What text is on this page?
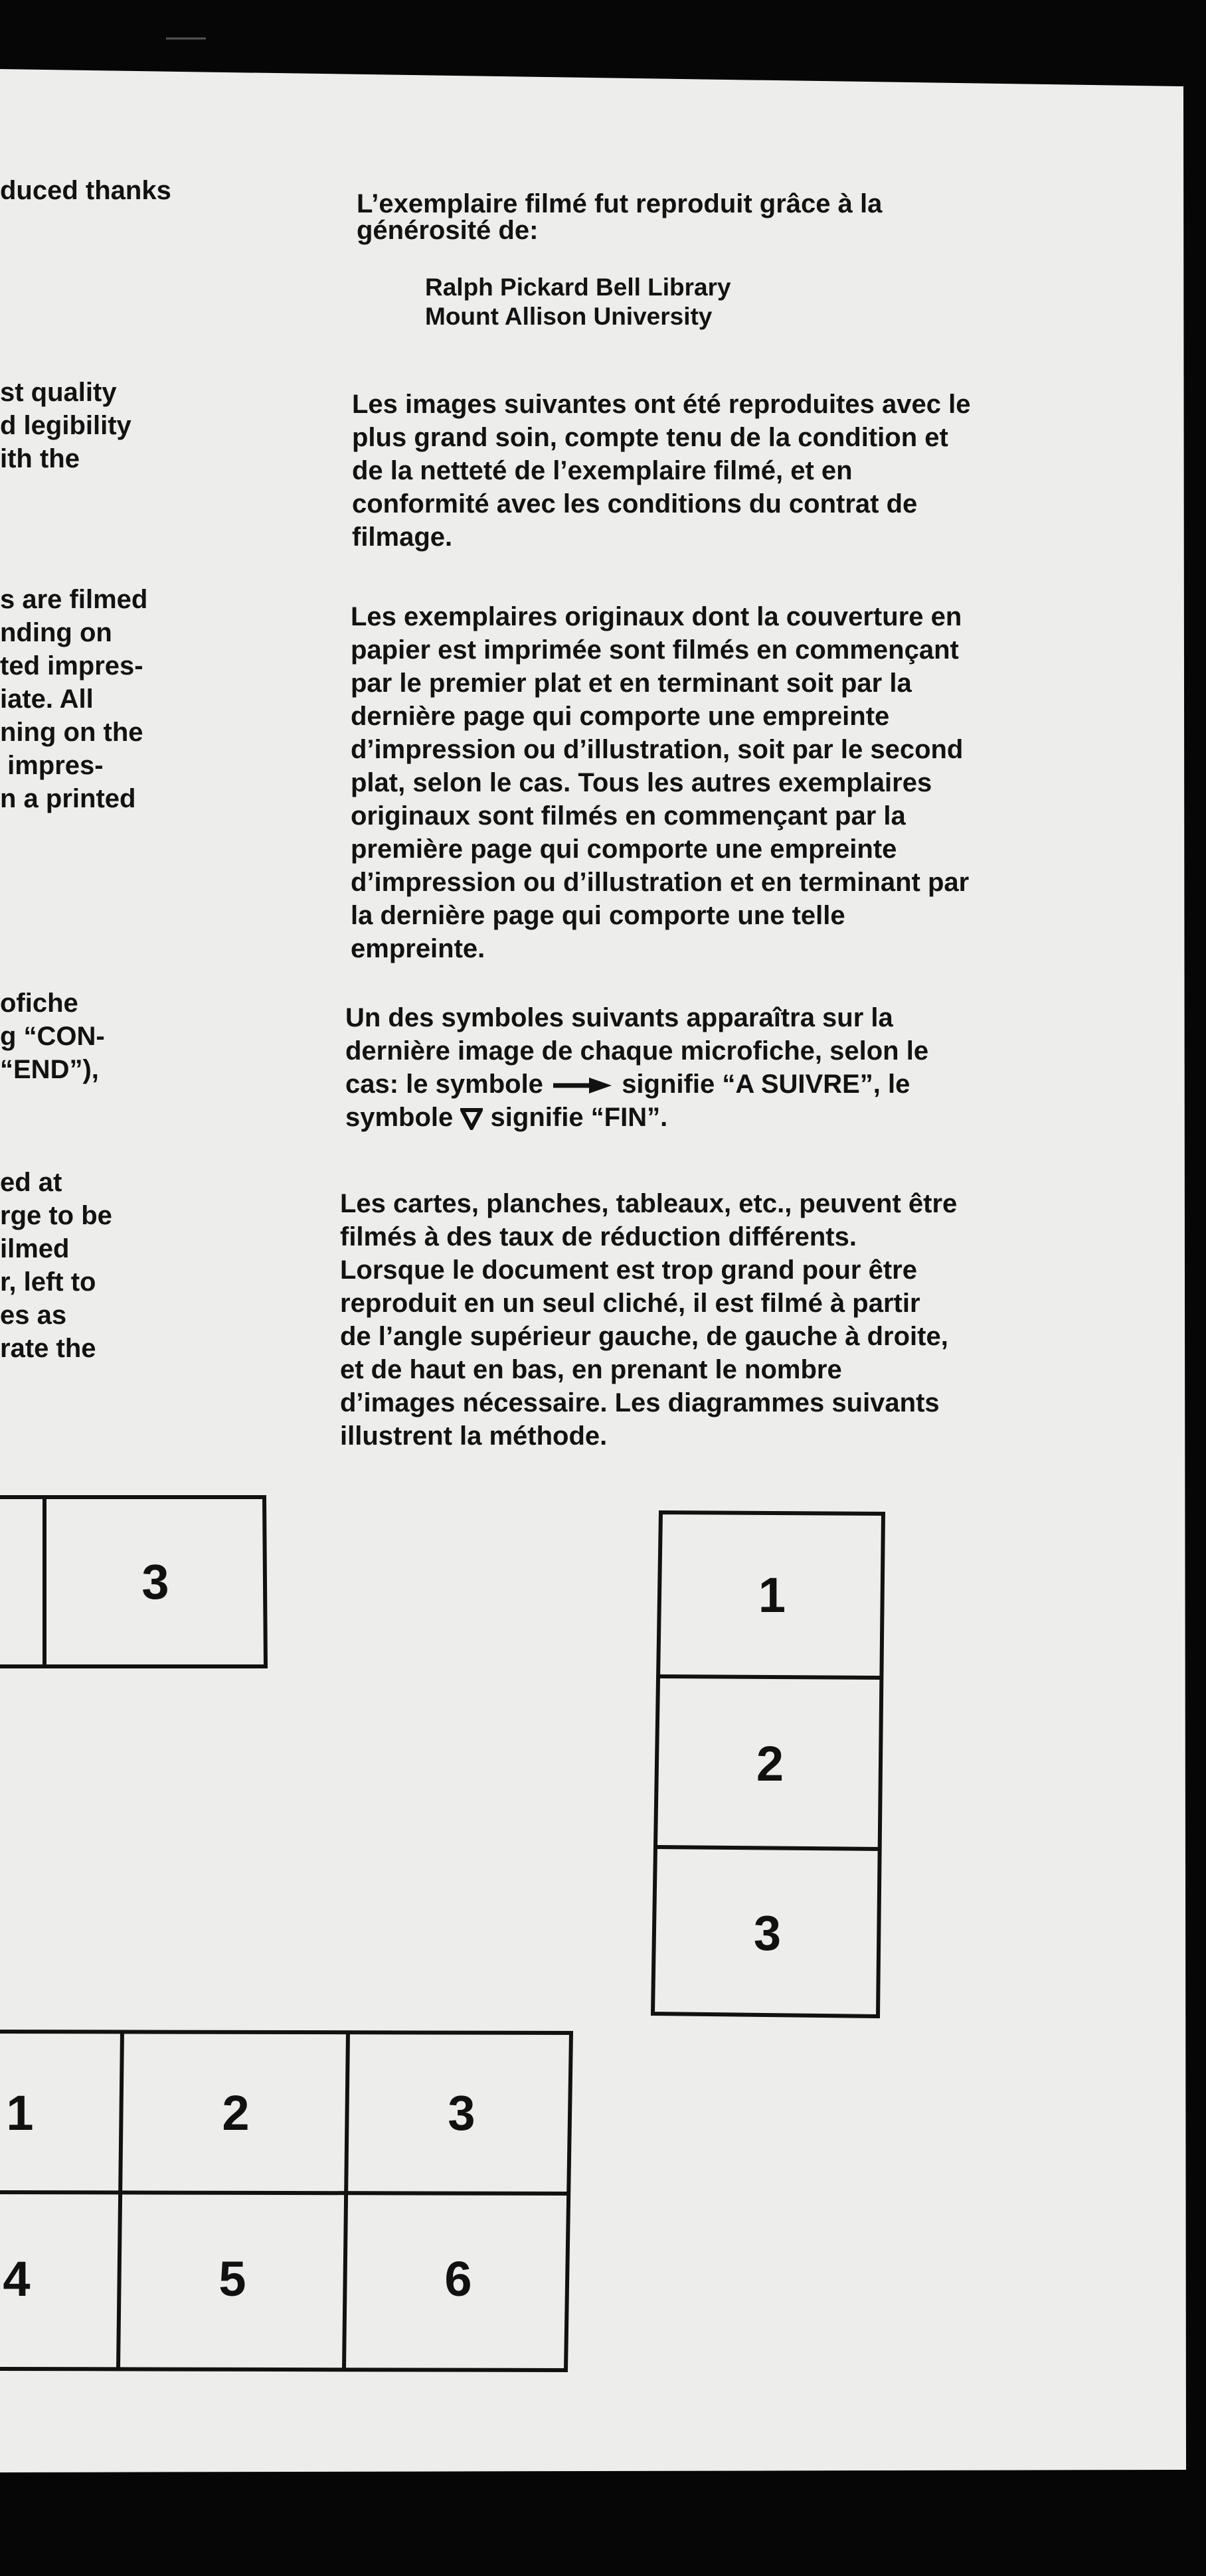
duced thanks

st quality

d legibility

ith the

s are filmed

nding on

ted impres-

iate. All

ning on the

impres-

n a printed

ofiche

g “CON-

“END”),

ed at

rge to be

ilmed

r, left to

es as

rate the

L’exemplaire filmé fut reproduit grâce à la

générosité de:

Ralph Pickard Bell Library

Mount Allison University

Les images suivantes ont été reproduites avec le

plus grand soin, compte tenu de la condition et

de la netteté de l’exemplaire filmé, et en

conformité avec les conditions du contrat de

filmage.

Les exemplaires originaux dont la couverture en

papier est imprimée sont filmés en commençant

par le premier plat et en terminant soit par la

dernière page qui comporte une empreinte

d’impression ou d’illustration, soit par le second

plat, selon le cas. Tous les autres exemplaires

originaux sont filmés en commençant par la

première page qui comporte une empreinte

d’impression ou d’illustration et en terminant par

la dernière page qui comporte une telle

empreinte.

Un des symboles suivants apparaîtra sur la

dernière image de chaque microfiche, selon le

cas: le symbole	signifie “A SUIVRE”, le

symbole signifie “FIN”.

Les cartes, planches, tableaux, etc., peuvent être

filmés à des taux de réduction différents.

Lorsque le document est trop grand pour être

reproduit en un seul cliché, il est filmé à partir

de l’angle supérieur gauche, de gauche à droite,

et de haut en bas, en prenant le nombre

d’images nécessaire. Les diagrammes suivants

illustrent la méthode.

3	1
2
3
1	2	3
4	5	6
